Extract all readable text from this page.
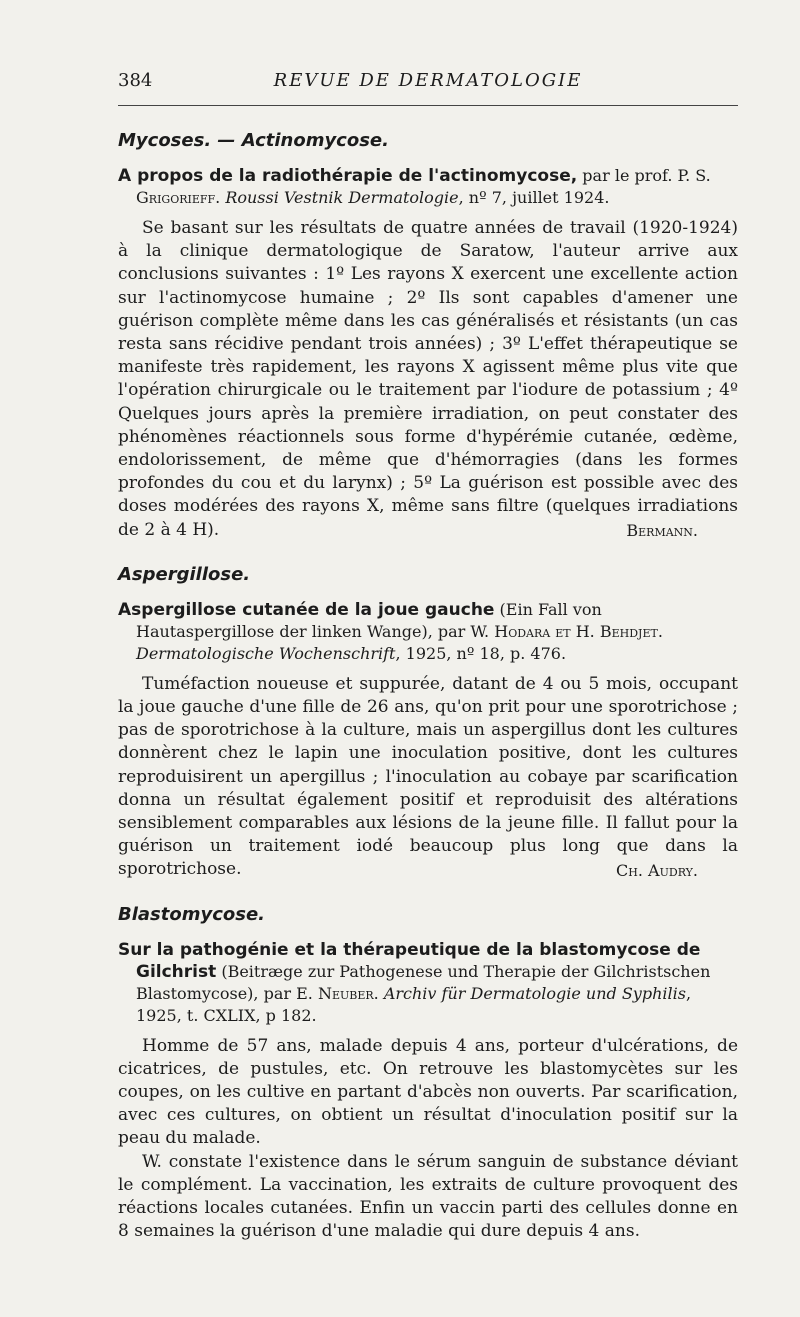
384	REVUE DE DERMATOLOGIE
Mycoses. — Actinomycose.
A propos de la radiothérapie de l'actinomycose, par le prof. P. S. Grigorieff. Roussi Vestnik Dermatologie, nº 7, juillet 1924.

Se basant sur les résultats de quatre années de travail (1920-1924) à la clinique dermatologique de Saratow, l'auteur arrive aux conclusions suivantes : 1º Les rayons X exercent une excellente action sur l'actinomycose humaine ; 2º Ils sont capables d'amener une guérison complète même dans les cas généralisés et résistants (un cas resta sans récidive pendant trois années) ; 3º L'effet thérapeutique se manifeste très rapidement, les rayons X agissent même plus vite que l'opération chirurgicale ou le traitement par l'iodure de potassium ; 4º Quelques jours après la première irradiation, on peut constater des phénomènes réactionnels sous forme d'hypérémie cutanée, œdème, endolorissement, de même que d'hémorragies (dans les formes profondes du cou et du larynx) ; 5º La guérison est possible avec des doses modérées des rayons X, même sans filtre (quelques irradiations de 2 à 4 H).	Bermann.
Aspergillose.
Aspergillose cutanée de la joue gauche (Ein Fall von Hautaspergillose der linken Wange), par W. Hodara et H. Behdjet. Dermatologische Wochenschrift, 1925, nº 18, p. 476.

Tuméfaction noueuse et suppurée, datant de 4 ou 5 mois, occupant la joue gauche d'une fille de 26 ans, qu'on prit pour une sporotrichose ; pas de sporotrichose à la culture, mais un aspergillus dont les cultures donnèrent chez le lapin une inoculation positive, dont les cultures reproduisirent un apergillus ; l'inoculation au cobaye par scarification donna un résultat également positif et reproduisit des altérations sensiblement comparables aux lésions de la jeune fille. Il fallut pour la guérison un traitement iodé beaucoup plus long que dans la sporotrichose.	Ch. Audry.
Blastomycose.
Sur la pathogénie et la thérapeutique de la blastomycose de Gilchrist (Beitræge zur Pathogenese und Therapie der Gilchristschen Blastomycose), par E. Neuber. Archiv für Dermatologie und Syphilis, 1925, t. CXLIX, p 182.

Homme de 57 ans, malade depuis 4 ans, porteur d'ulcérations, de cicatrices, de pustules, etc. On retrouve les blastomycètes sur les coupes, on les cultive en partant d'abcès non ouverts. Par scarification, avec ces cultures, on obtient un résultat d'inoculation positif sur la peau du malade.

W. constate l'existence dans le sérum sanguin de substance déviant le complément. La vaccination, les extraits de culture provoquent des réactions locales cutanées. Enfin un vaccin parti des cellules donne en 8 semaines la guérison d'une maladie qui dure depuis 4 ans.
